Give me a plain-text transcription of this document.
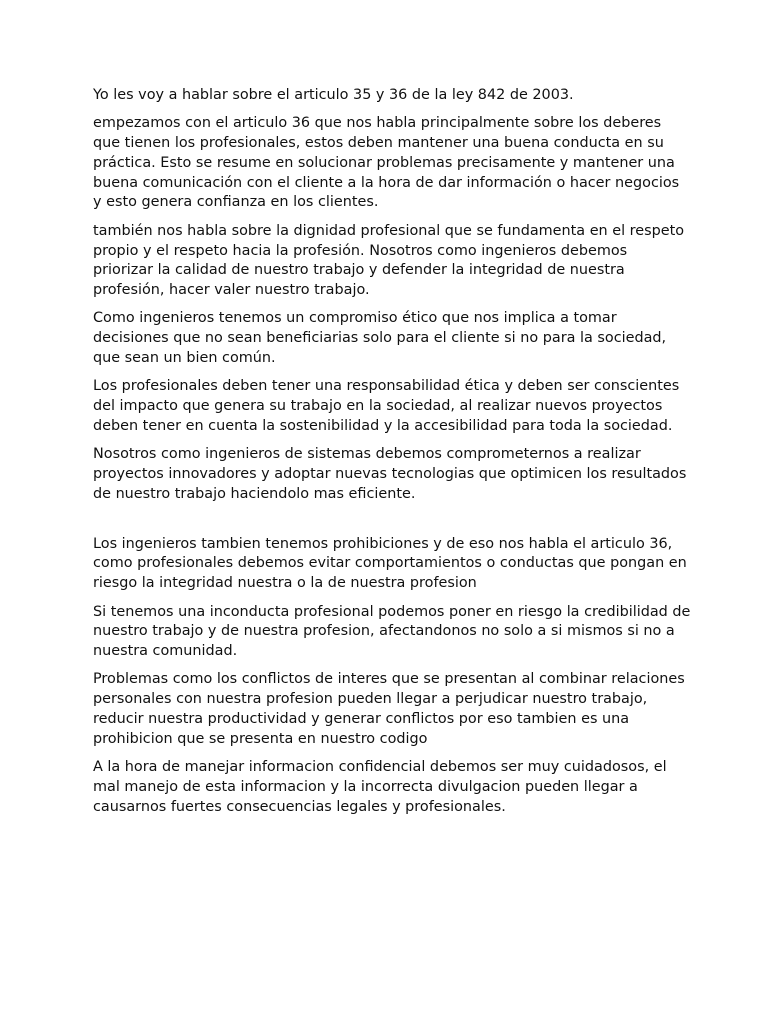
Yo les voy a hablar sobre el articulo 35 y 36 de la ley 842 de 2003.

empezamos con el articulo 36 que nos habla principalmente sobre los deberes que tienen los profesionales, estos deben mantener una buena conducta en su práctica. Esto se resume en solucionar problemas precisamente y mantener una buena comunicación con el cliente a la hora de dar información o hacer negocios y esto genera confianza en los clientes.

también nos habla sobre la dignidad profesional que se fundamenta en el respeto propio y el respeto hacia la profesión. Nosotros como ingenieros debemos priorizar la calidad de nuestro trabajo y defender la integridad de nuestra profesión, hacer valer nuestro trabajo.

Como ingenieros tenemos un compromiso ético que nos implica a tomar decisiones que no sean beneficiarias solo para el cliente si no para la sociedad, que sean un bien común.

Los profesionales deben tener una responsabilidad ética y deben ser conscientes del impacto que genera su trabajo en la sociedad, al realizar nuevos proyectos deben tener en cuenta la sostenibilidad y la accesibilidad para toda la sociedad.

Nosotros como ingenieros de sistemas debemos comprometernos a realizar proyectos innovadores y adoptar nuevas tecnologias que optimicen los resultados de nuestro trabajo haciendolo mas eficiente.

Los ingenieros tambien tenemos prohibiciones y de eso nos habla el articulo 36, como profesionales debemos evitar comportamientos o conductas que pongan en riesgo la integridad nuestra o la de nuestra profesion

Si tenemos una inconducta profesional podemos poner en riesgo la credibilidad de nuestro trabajo y de nuestra profesion, afectandonos no solo a si mismos si no a nuestra comunidad.

Problemas como los conflictos de interes que se presentan al combinar relaciones personales con nuestra profesion pueden llegar a perjudicar nuestro trabajo, reducir nuestra productividad y generar conflictos por eso tambien es una prohibicion que se presenta en nuestro codigo

A la hora de manejar informacion confidencial debemos ser muy cuidadosos, el mal manejo de esta informacion y la incorrecta divulgacion pueden llegar a causarnos fuertes consecuencias legales y profesionales.
